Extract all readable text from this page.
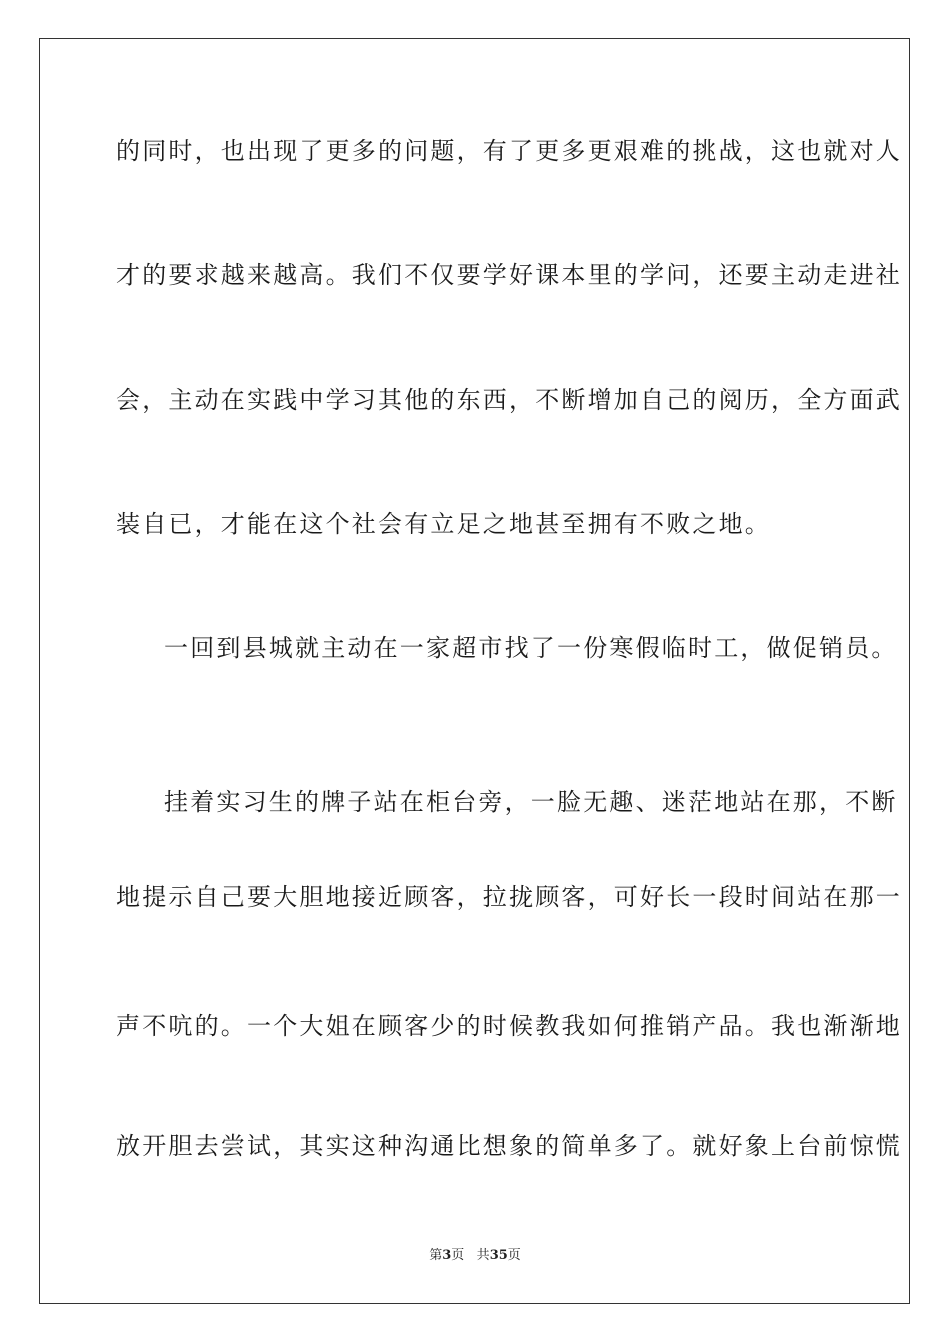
的同时，也出现了更多的问题，有了更多更艰难的挑战，这也就对人
才的要求越来越高。我们不仅要学好课本里的学问，还要主动走进社
会，主动在实践中学习其他的东西，不断增加自己的阅历，全方面武
装自已，才能在这个社会有立足之地甚至拥有不败之地。
一回到县城就主动在一家超市找了一份寒假临时工，做促销员。
挂着实习生的牌子站在柜台旁，一脸无趣、迷茫地站在那，不断
地提示自己要大胆地接近顾客，拉拢顾客，可好长一段时间站在那一
声不吭的。一个大姐在顾客少的时候教我如何推销产品。我也渐渐地
放开胆去尝试，其实这种沟通比想象的简单多了。就好象上台前惊慌
第3页 共35页
